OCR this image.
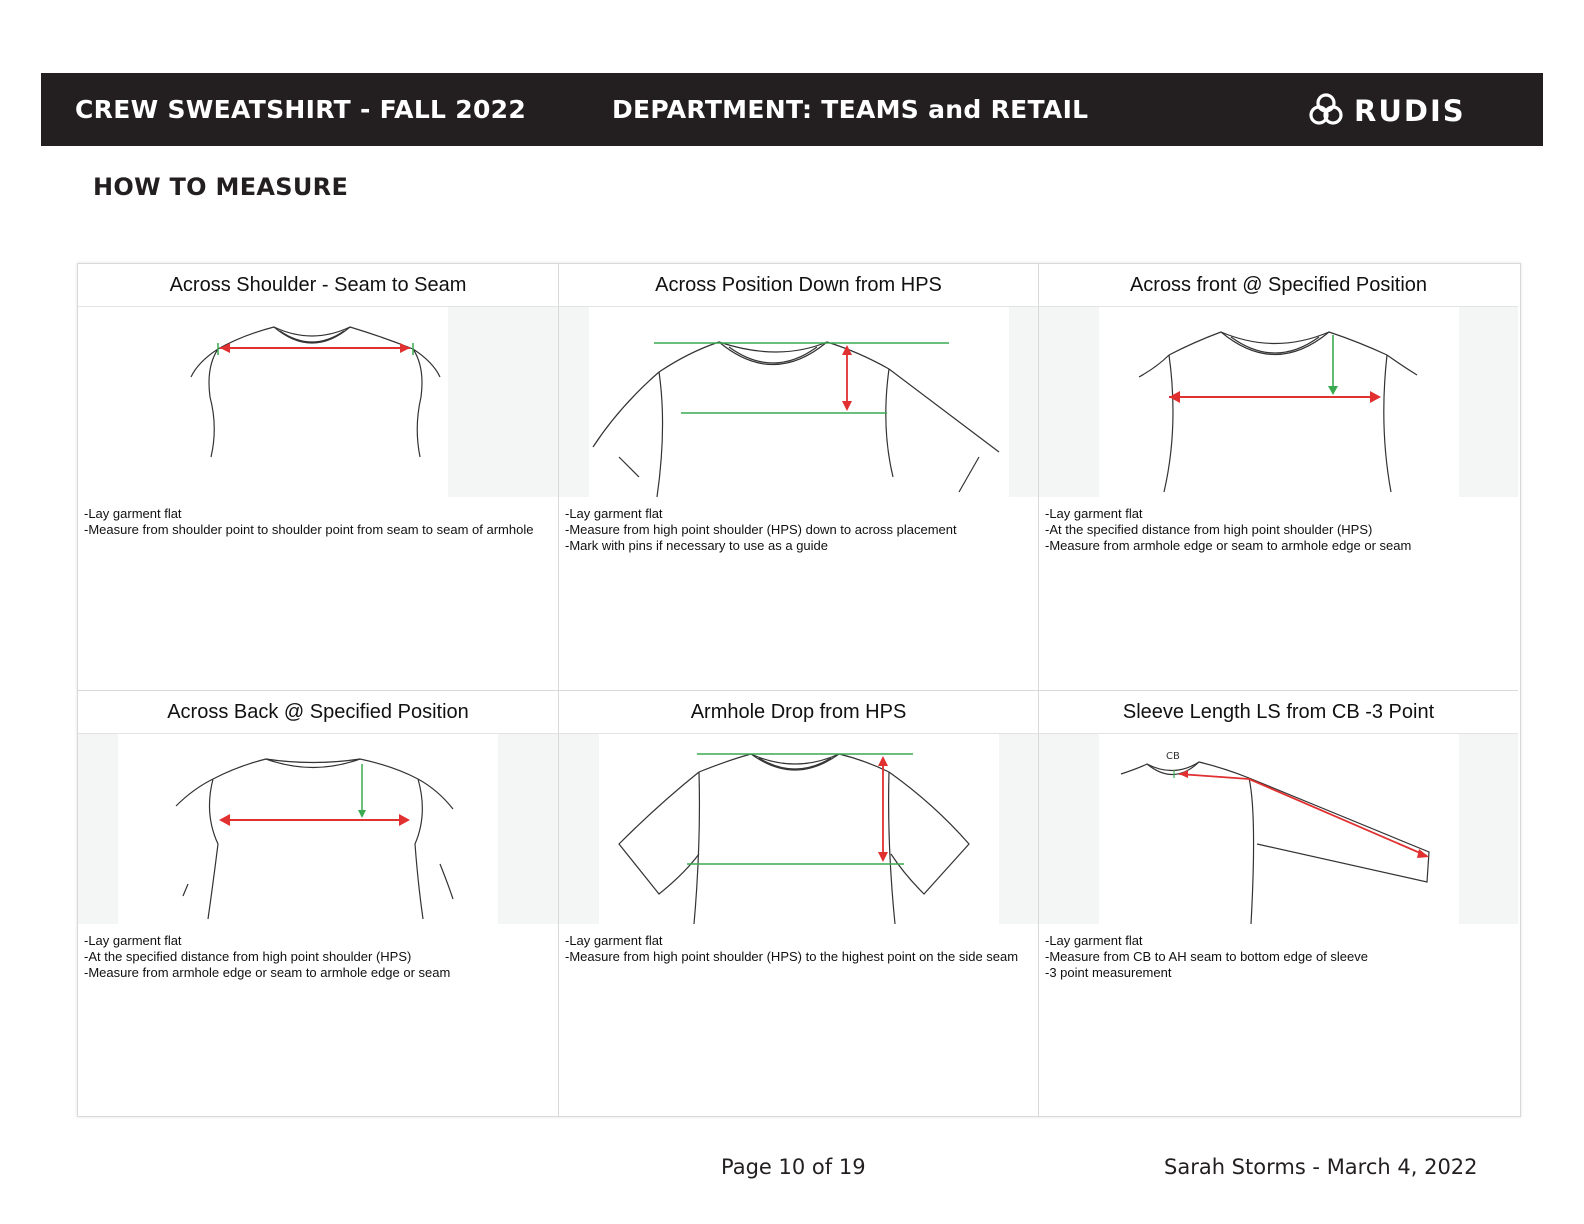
CREW SWEATSHIRT - FALL 2022	DEPARTMENT: TEAMS and RETAIL	RUDIS
HOW TO MEASURE
Across Shoulder - Seam to Seam
-Lay garment flat
-Measure from shoulder point to shoulder point from seam to seam of armhole
Across Position Down from HPS
-Lay garment flat
-Measure from high point shoulder (HPS) down to across placement
-Mark with pins if necessary to use as a guide
Across front @ Specified Position
-Lay garment flat
-At the specified distance from high point shoulder (HPS)
-Measure from armhole edge or seam to armhole edge or seam
Across Back @ Specified Position
-Lay garment flat
-At the specified distance from high point shoulder (HPS)
-Measure from armhole edge or seam to armhole edge or seam
Armhole Drop from HPS
-Lay garment flat
-Measure from high point shoulder (HPS) to the highest point on the side seam
Sleeve Length LS from CB -3 Point
CB
-Lay garment flat
-Measure from CB to AH seam to bottom edge of sleeve
-3 point measurement
Page 10 of 19	Sarah Storms - March 4, 2022
